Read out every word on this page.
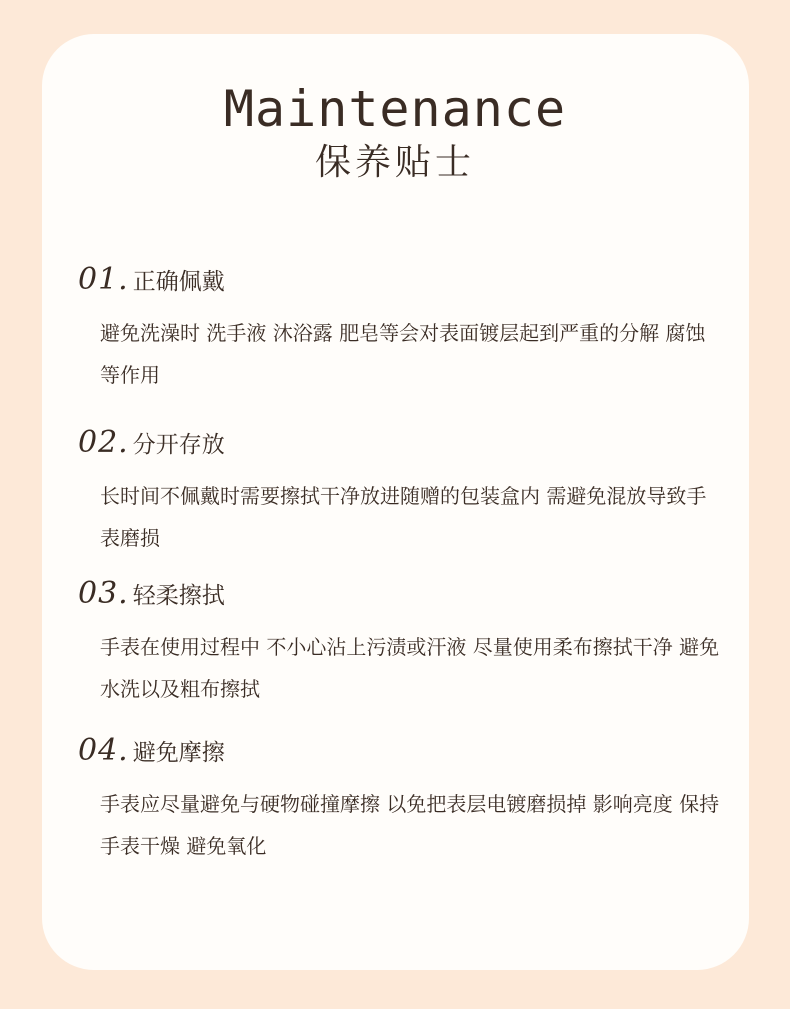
Maintenance
保养贴士
01. 正确佩戴
避免洗澡时 洗手液 沐浴露 肥皂等会对表面镀层起到严重的分解 腐蚀等作用
02. 分开存放
长时间不佩戴时需要擦拭干净放进随赠的包装盒内 需避免混放导致手表磨损
03. 轻柔擦拭
手表在使用过程中 不小心沾上污渍或汗液 尽量使用柔布擦拭干净 避免水洗以及粗布擦拭
04. 避免摩擦
手表应尽量避免与硬物碰撞摩擦 以免把表层电镀磨损掉 影响亮度 保持手表干燥 避免氧化
